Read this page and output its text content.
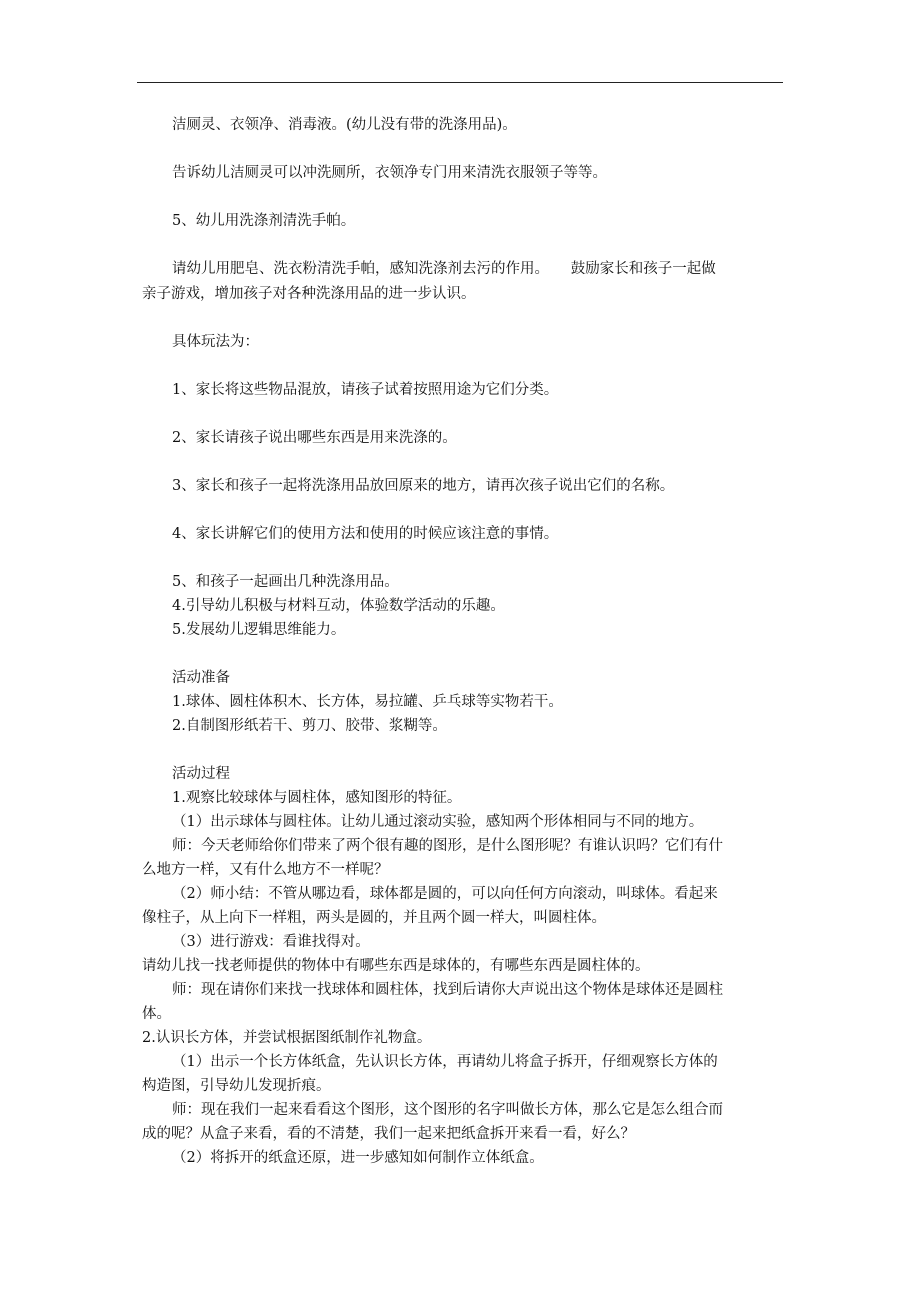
洁厕灵、衣领净、消毒液。(幼儿没有带的洗涤用品)。
告诉幼儿洁厕灵可以冲洗厕所，衣领净专门用来清洗衣服领子等等。
5、幼儿用洗涤剂清洗手帕。
请幼儿用肥皂、洗衣粉清洗手帕，感知洗涤剂去污的作用。　　鼓励家长和孩子一起做
亲子游戏，增加孩子对各种洗涤用品的进一步认识。
具体玩法为：
1、家长将这些物品混放，请孩子试着按照用途为它们分类。
2、家长请孩子说出哪些东西是用来洗涤的。
3、家长和孩子一起将洗涤用品放回原来的地方，请再次孩子说出它们的名称。
4、家长讲解它们的使用方法和使用的时候应该注意的事情。
5、和孩子一起画出几种洗涤用品。
4.引导幼儿积极与材料互动，体验数学活动的乐趣。
5.发展幼儿逻辑思维能力。
活动准备
1.球体、圆柱体积木、长方体，易拉罐、乒乓球等实物若干。
2.自制图形纸若干、剪刀、胶带、浆糊等。
活动过程
1.观察比较球体与圆柱体，感知图形的特征。
（1）出示球体与圆柱体。让幼儿通过滚动实验，感知两个形体相同与不同的地方。
师：今天老师给你们带来了两个很有趣的图形，是什么图形呢？有谁认识吗？它们有什
么地方一样，又有什么地方不一样呢？
（2）师小结：不管从哪边看，球体都是圆的，可以向任何方向滚动，叫球体。看起来
像柱子，从上向下一样粗，两头是圆的，并且两个圆一样大，叫圆柱体。
（3）进行游戏：看谁找得对。
请幼儿找一找老师提供的物体中有哪些东西是球体的，有哪些东西是圆柱体的。
师：现在请你们来找一找球体和圆柱体，找到后请你大声说出这个物体是球体还是圆柱
体。
2.认识长方体，并尝试根据图纸制作礼物盒。
（1）出示一个长方体纸盒，先认识长方体，再请幼儿将盒子拆开，仔细观察长方体的
构造图，引导幼儿发现折痕。
师：现在我们一起来看看这个图形，这个图形的名字叫做长方体，那么它是怎么组合而
成的呢？从盒子来看，看的不清楚，我们一起来把纸盒拆开来看一看，好么？
（2）将拆开的纸盒还原，进一步感知如何制作立体纸盒。
